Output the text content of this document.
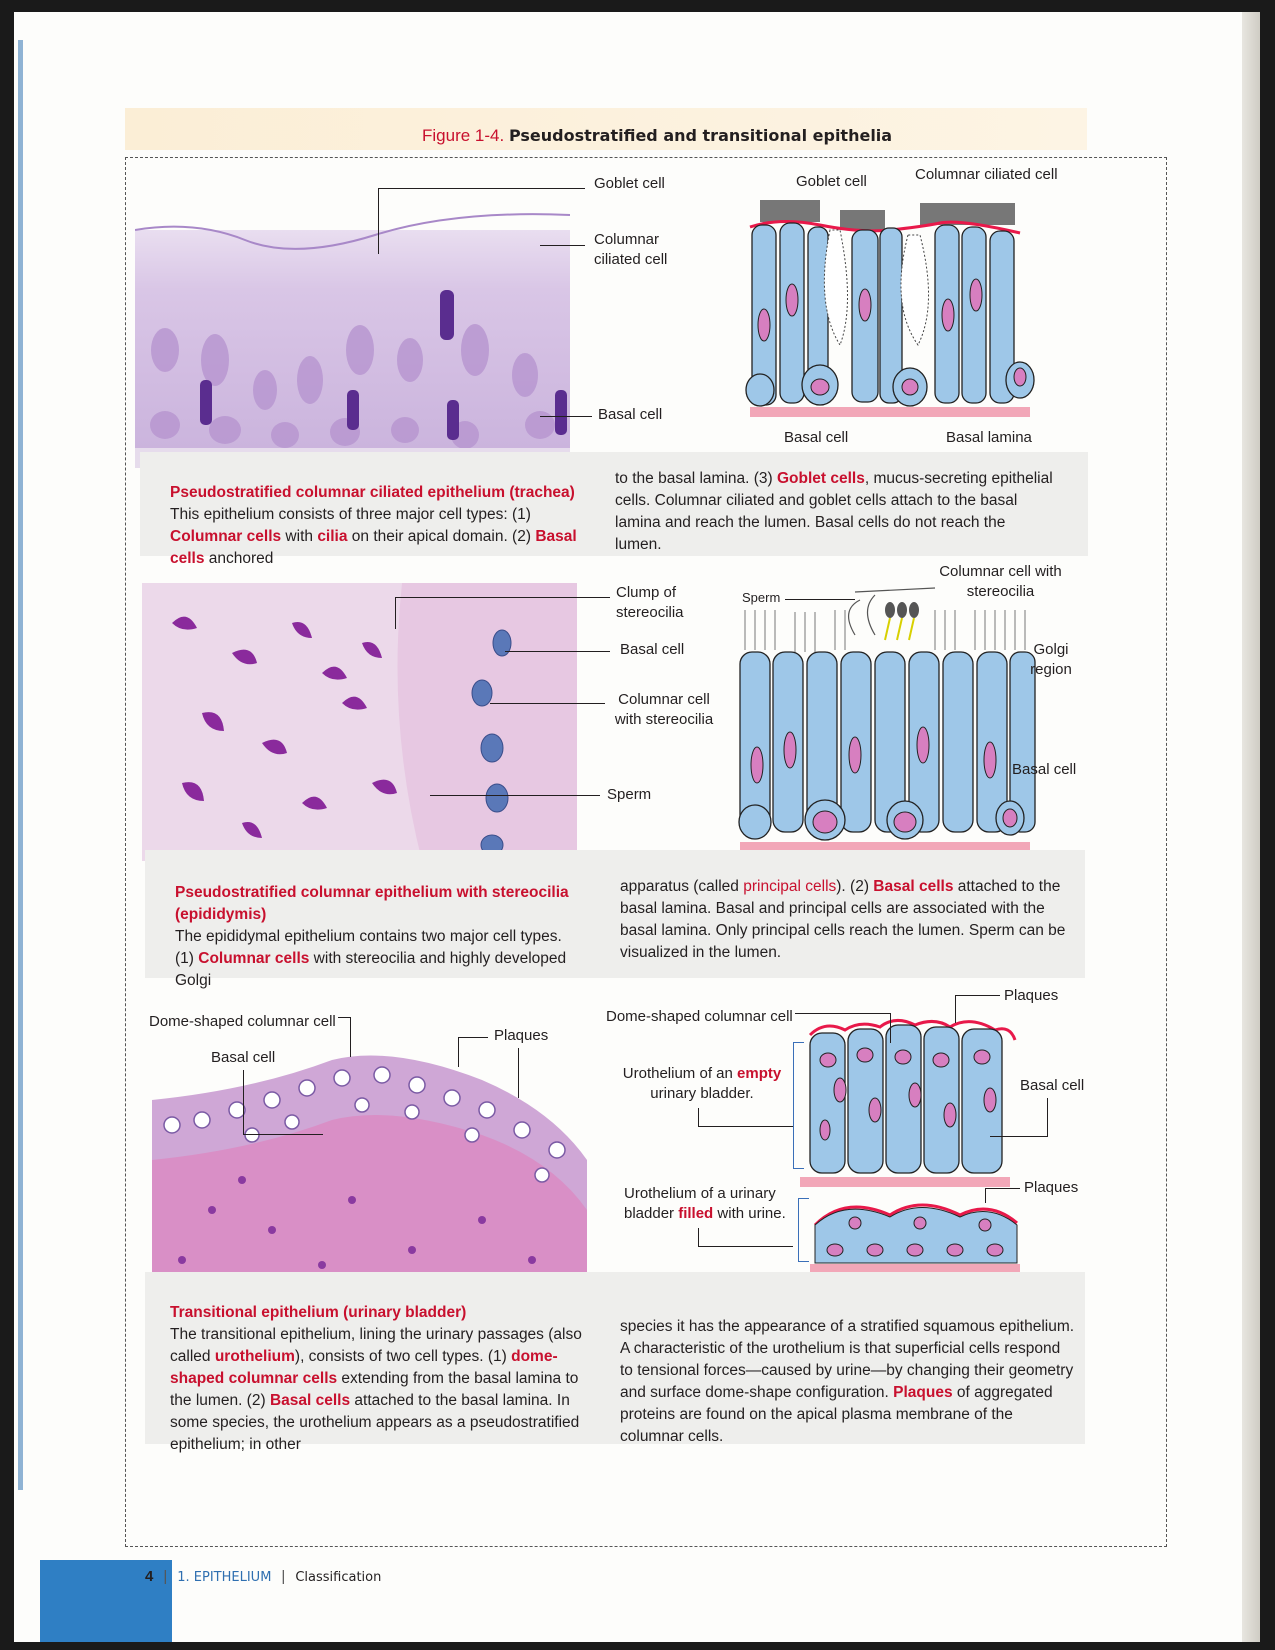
Figure 1-4. Pseudostratified and transitional epithelia
Goblet cell
Columnar ciliated cell
Basal cell
Goblet cell	Columnar ciliated cell
Basal cell	Basal lamina
Pseudostratified columnar ciliated epithelium (trachea)
This epithelium consists of three major cell types: (1) Columnar cells with cilia on their apical domain. (2) Basal cells anchored
to the basal lamina. (3) Goblet cells, mucus-secreting epithelial cells. Columnar ciliated and goblet cells attach to the basal lamina and reach the lumen. Basal cells do not reach the lumen.
Clump of stereocilia
Basal cell
Columnar cell with stereocilia
Sperm
Sperm
Columnar cell with stereocilia
Golgi region
Basal cell
Pseudostratified columnar epithelium with stereocilia (epididymis)
The epididymal epithelium contains two major cell types. (1) Columnar cells with stereocilia and highly developed Golgi
apparatus (called principal cells). (2) Basal cells attached to the basal lamina. Basal and principal cells are associated with the basal lamina. Only principal cells reach the lumen. Sperm can be visualized in the lumen.
Dome-shaped columnar cell
Basal cell
Plaques
Dome-shaped columnar cell
Plaques
Urothelium of an empty
urinary bladder.	Basal cell
Urothelium of a urinary
bladder filled with urine.
Plaques
Transitional epithelium (urinary bladder)
The transitional epithelium, lining the urinary passages (also called urothelium), consists of two cell types. (1) dome-shaped columnar cells extending from the basal lamina to the lumen. (2) Basal cells attached to the basal lamina. In some species, the urothelium appears as a pseudostratified epithelium; in other
species it has the appearance of a stratified squamous epithelium. A characteristic of the urothelium is that superficial cells respond to tensional forces—caused by urine—by changing their geometry and surface dome-shape configuration. Plaques of aggregated proteins are found on the apical plasma membrane of the columnar cells.
4 | 1. EPITHELIUM | Classification
